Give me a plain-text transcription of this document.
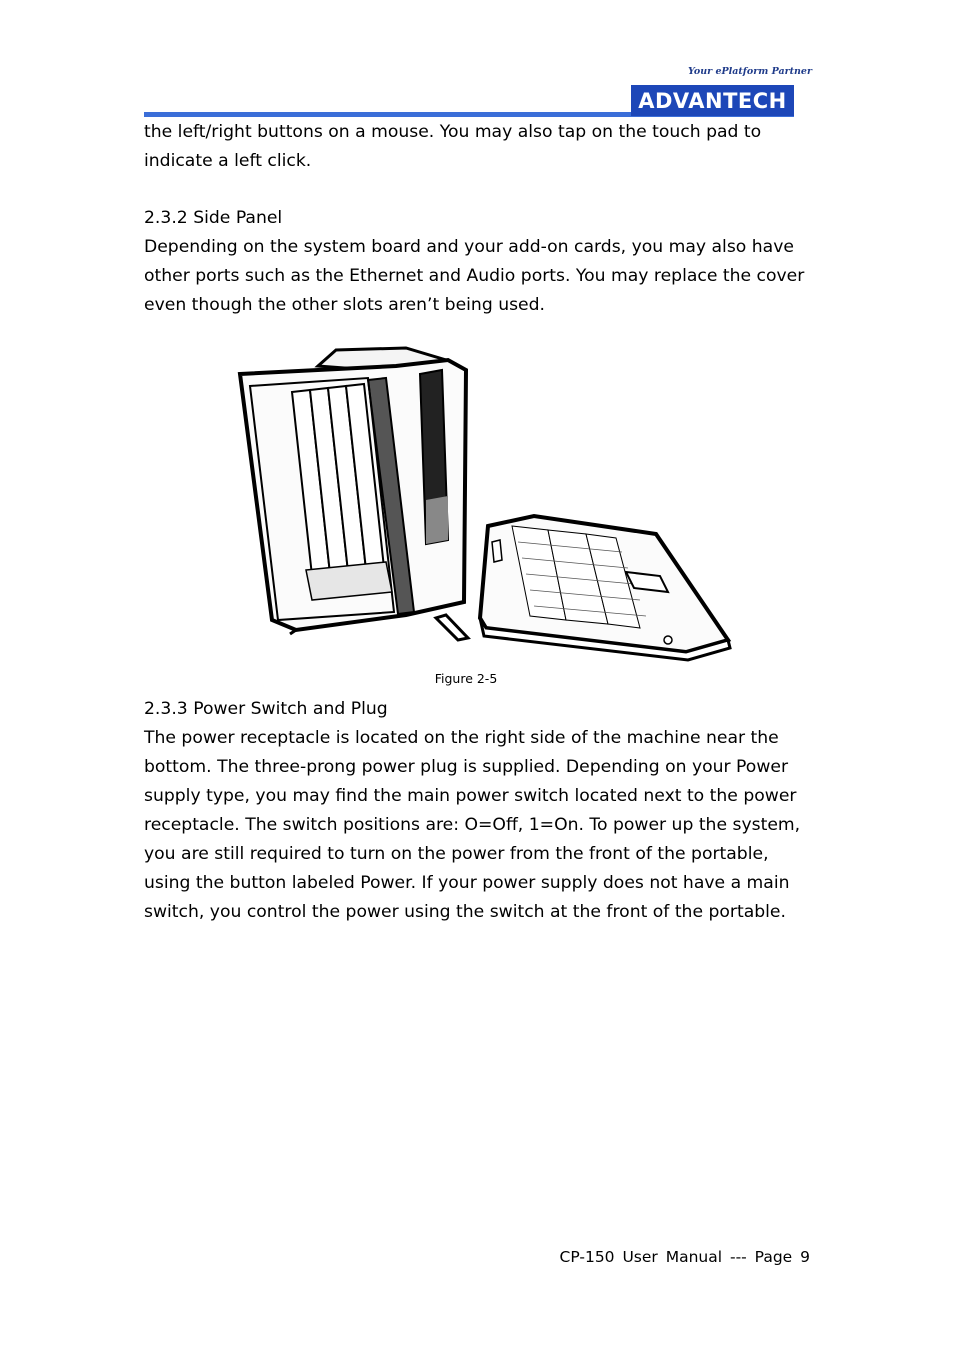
Your ePlatform Partner
ADVANTECH

the left/right buttons on a mouse. You may also tap on the touch pad to indicate a left click.

2.3.2 Side Panel

Depending on the system board and your add-on cards, you may also have other ports such as the Ethernet and Audio ports. You may replace the cover even though the other slots aren’t being used.

Figure 2-5

2.3.3 Power Switch and Plug

The power receptacle is located on the right side of the machine near the bottom. The three-prong power plug is supplied. Depending on your Power supply type, you may find the main power switch located next to the power receptacle. The switch positions are: O=Off, 1=On. To power up the system, you are still required to turn on the power from the front of the portable, using the button labeled Power. If your power supply does not have a main switch, you control the power using the switch at the front of the portable.

CP-150 User Manual --- Page 9
